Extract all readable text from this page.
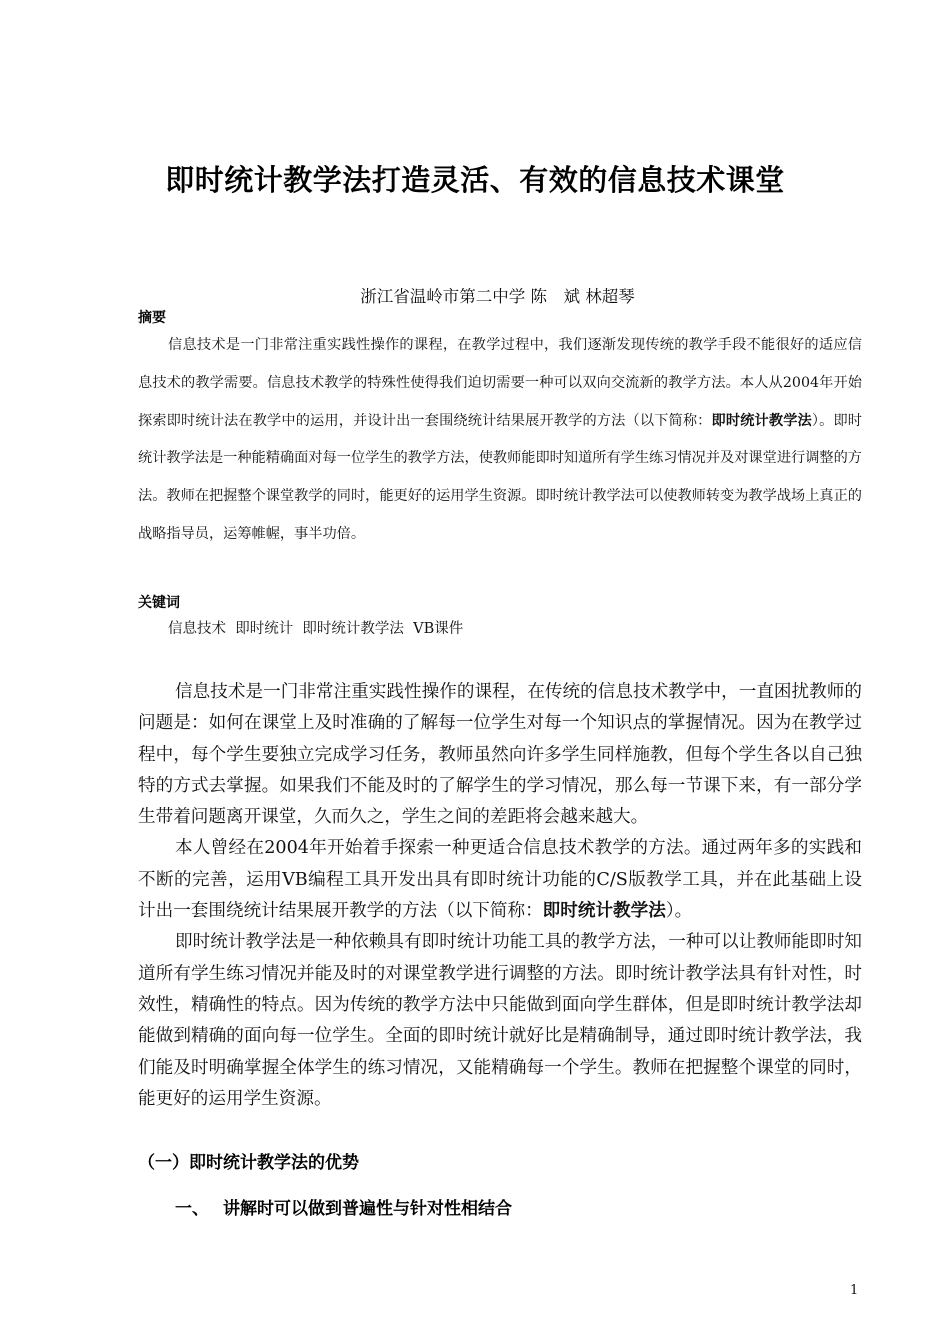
即时统计教学法打造灵活、有效的信息技术课堂
浙江省温岭市第二中学 陈　斌 林超琴
摘要

信息技术是一门非常注重实践性操作的课程，在教学过程中，我们逐渐发现传统的教学手段不能很好的适应信息技术的教学需要。信息技术教学的特殊性使得我们迫切需要一种可以双向交流新的教学方法。本人从2004年开始探索即时统计法在教学中的运用，并设计出一套围绕统计结果展开教学的方法（以下简称：即时统计教学法）。即时统计教学法是一种能精确面对每一位学生的教学方法，使教师能即时知道所有学生练习情况并及对课堂进行调整的方法。教师在把握整个课堂教学的同时，能更好的运用学生资源。即时统计教学法可以使教师转变为教学战场上真正的战略指导员，运筹帷幄，事半功倍。

关键词
信息技术  即时统计  即时统计教学法  VB课件

信息技术是一门非常注重实践性操作的课程，在传统的信息技术教学中，一直困扰教师的问题是：如何在课堂上及时准确的了解每一位学生对每一个知识点的掌握情况。因为在教学过程中，每个学生要独立完成学习任务，教师虽然向许多学生同样施教，但每个学生各以自己独特的方式去掌握。如果我们不能及时的了解学生的学习情况，那么每一节课下来，有一部分学生带着问题离开课堂，久而久之，学生之间的差距将会越来越大。

本人曾经在2004年开始着手探索一种更适合信息技术教学的方法。通过两年多的实践和不断的完善，运用VB编程工具开发出具有即时统计功能的C/S版教学工具，并在此基础上设计出一套围绕统计结果展开教学的方法（以下简称：即时统计教学法）。

即时统计教学法是一种依赖具有即时统计功能工具的教学方法，一种可以让教师能即时知道所有学生练习情况并能及时的对课堂教学进行调整的方法。即时统计教学法具有针对性，时效性，精确性的特点。因为传统的教学方法中只能做到面向学生群体，但是即时统计教学法却能做到精确的面向每一位学生。全面的即时统计就好比是精确制导，通过即时统计教学法，我们能及时明确掌握全体学生的练习情况，又能精确每一个学生。教师在把握整个课堂的同时，能更好的运用学生资源。

（一）即时统计教学法的优势
一、 讲解时可以做到普遍性与针对性相结合
1
